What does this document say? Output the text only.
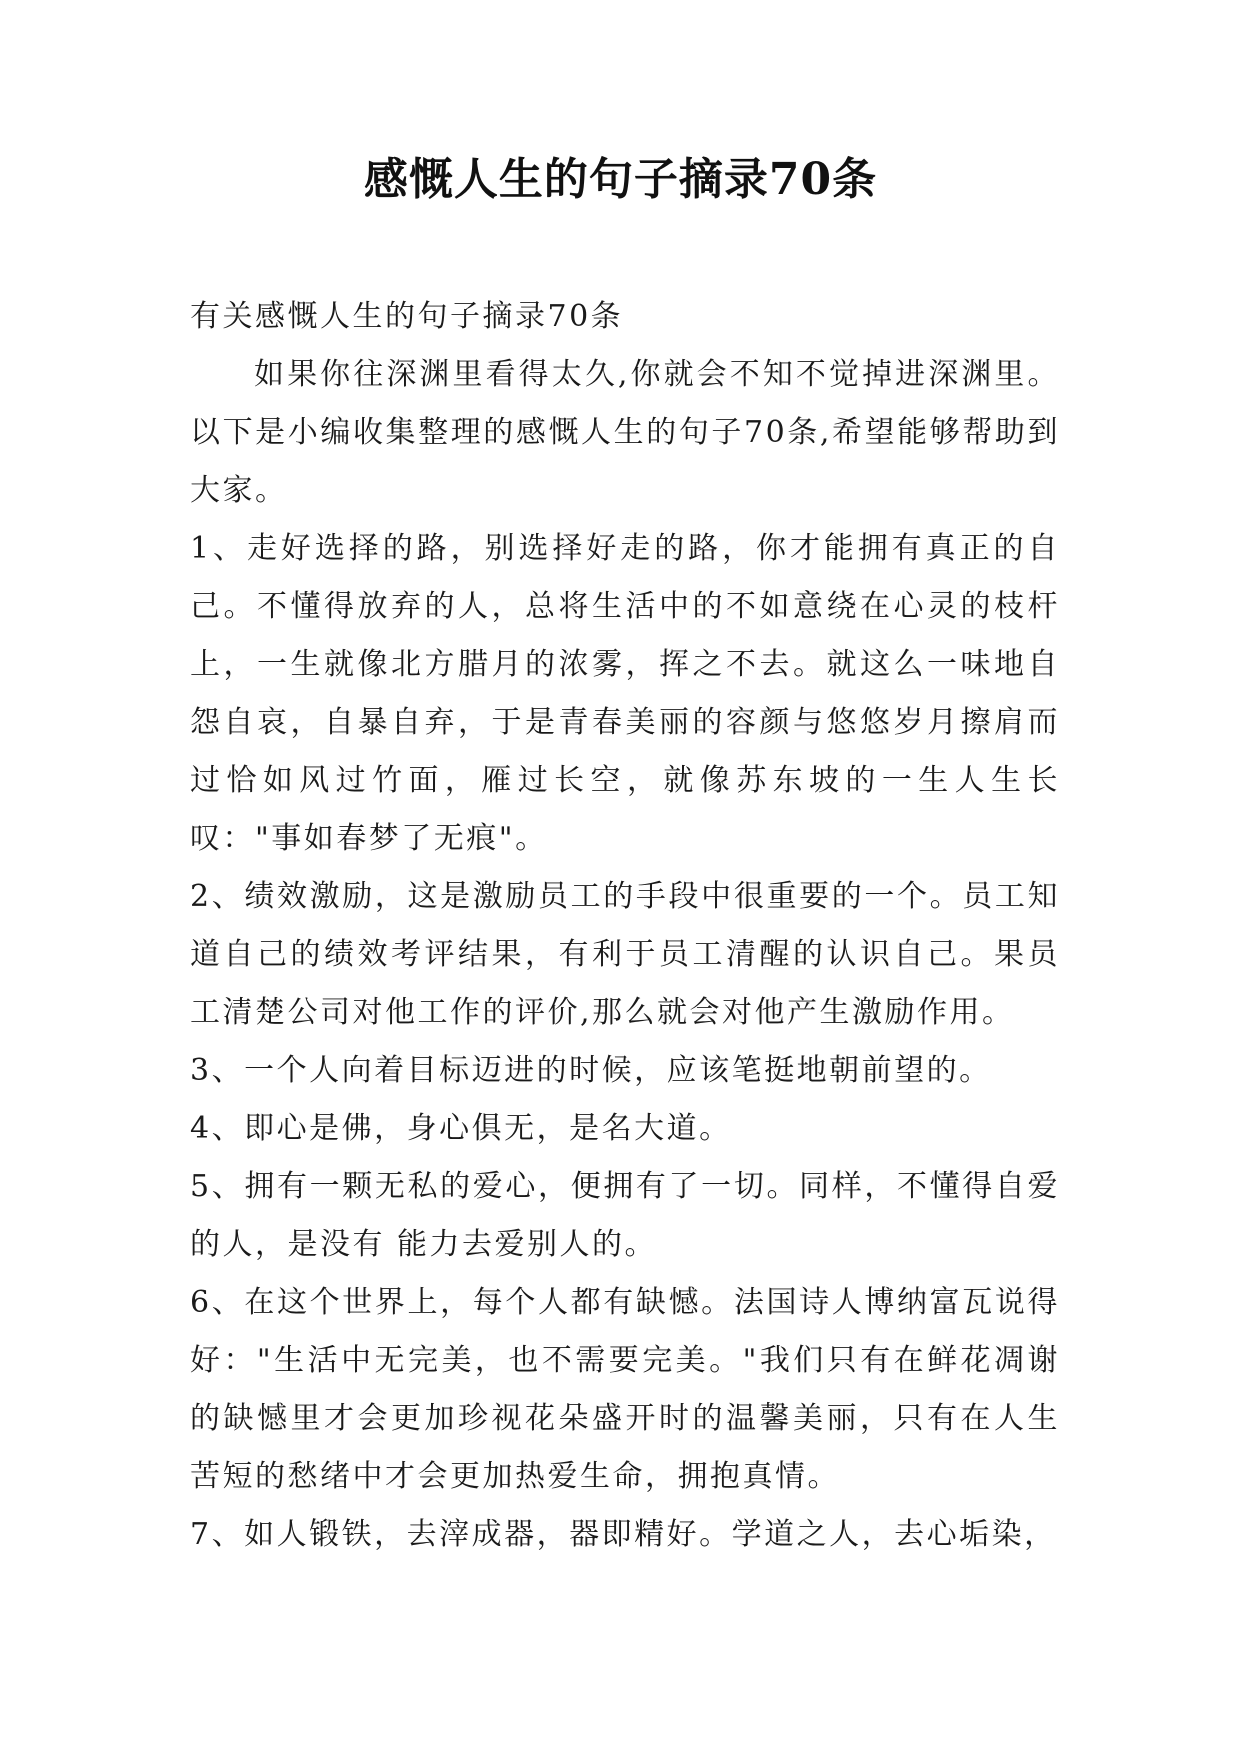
感慨人生的句子摘录70条

有关感慨人生的句子摘录70条

如果你往深渊里看得太久,你就会不知不觉掉进深渊里。以下是小编收集整理的感慨人生的句子70条,希望能够帮助到大家。

1、走好选择的路，别选择好走的路，你才能拥有真正的自己。不懂得放弃的人，总将生活中的不如意绕在心灵的枝杆上，一生就像北方腊月的浓雾，挥之不去。就这么一味地自怨自哀，自暴自弃，于是青春美丽的容颜与悠悠岁月擦肩而过恰如风过竹面，雁过长空，就像苏东坡的一生人生长叹："事如春梦了无痕"。

2、绩效激励，这是激励员工的手段中很重要的一个。员工知道自己的绩效考评结果，有利于员工清醒的认识自己。果员工清楚公司对他工作的评价,那么就会对他产生激励作用。

3、一个人向着目标迈进的时候，应该笔挺地朝前望的。

4、即心是佛，身心俱无，是名大道。

5、拥有一颗无私的爱心，便拥有了一切。同样，不懂得自爱的人，是没有 能力去爱别人的。

6、在这个世界上，每个人都有缺憾。法国诗人博纳富瓦说得好："生活中无完美，也不需要完美。"我们只有在鲜花凋谢的缺憾里才会更加珍视花朵盛开时的温馨美丽，只有在人生苦短的愁绪中才会更加热爱生命，拥抱真情。

7、如人锻铁，去滓成器，器即精好。学道之人，去心垢染，
